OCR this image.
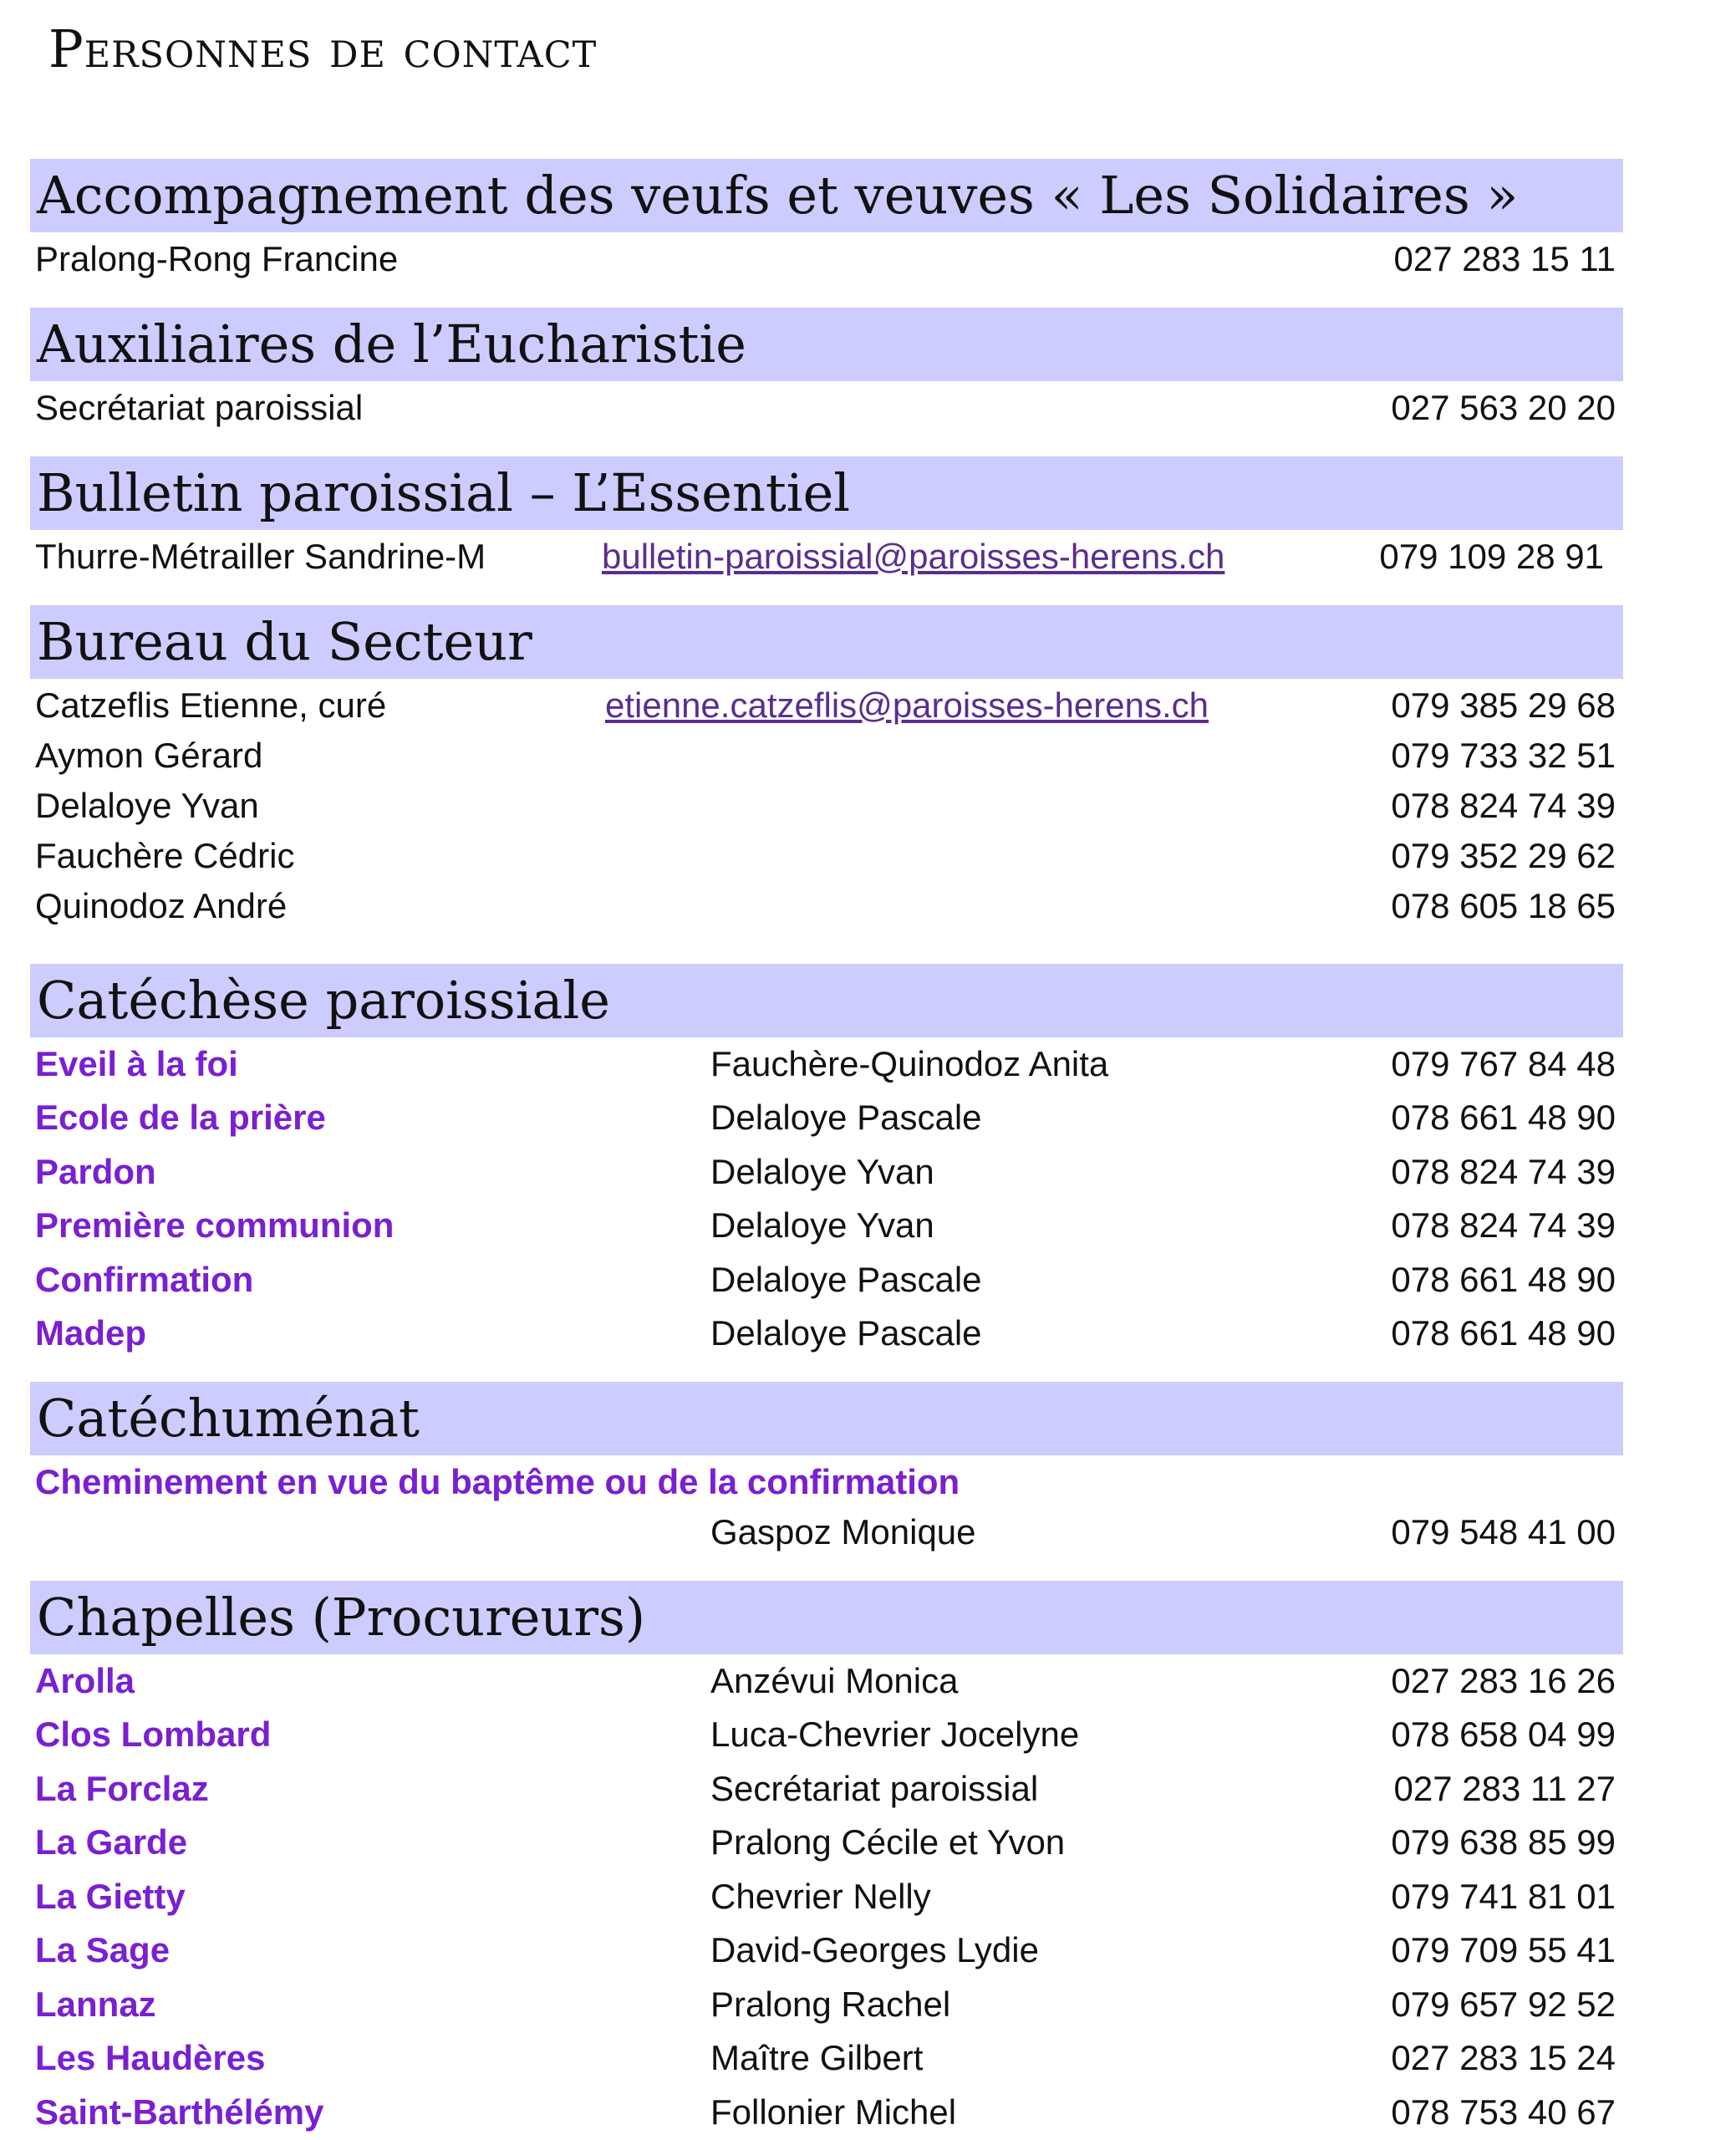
Personnes de contact
Accompagnement des veufs et veuves « Les Solidaires »
Pralong-Rong Francine	027 283 15 11
Auxiliaires de l’Eucharistie
Secrétariat paroissial	027 563 20 20
Bulletin paroissial – L’Essentiel
Thurre-Métrailler Sandrine-M	bulletin-paroissial@paroisses-herens.ch	079 109 28 91
Bureau du Secteur
Catzeflis Etienne, curé	etienne.catzeflis@paroisses-herens.ch	079 385 29 68
Aymon Gérard	079 733 32 51
Delaloye Yvan	078 824 74 39
Fauchère Cédric	079 352 29 62
Quinodoz André	078 605 18 65
Catéchèse paroissiale
Eveil à la foi	Fauchère-Quinodoz Anita	079 767 84 48
Ecole de la prière	Delaloye Pascale	078 661 48 90
Pardon	Delaloye Yvan	078 824 74 39
Première communion	Delaloye Yvan	078 824 74 39
Confirmation	Delaloye Pascale	078 661 48 90
Madep	Delaloye Pascale	078 661 48 90
Catéchuménat
Cheminement en vue du baptême ou de la confirmation
Gaspoz Monique	079 548 41 00
Chapelles (Procureurs)
Arolla	Anzévui Monica	027 283 16 26
Clos Lombard	Luca-Chevrier Jocelyne	078 658 04 99
La Forclaz	Secrétariat paroissial	027 283 11 27
La Garde	Pralong Cécile et Yvon	079 638 85 99
La Gietty	Chevrier Nelly	079 741 81 01
La Sage	David-Georges Lydie	079 709 55 41
Lannaz	Pralong Rachel	079 657 92 52
Les Haudères	Maître Gilbert	027 283 15 24
Saint-Barthélémy	Follonier Michel	078 753 40 67
